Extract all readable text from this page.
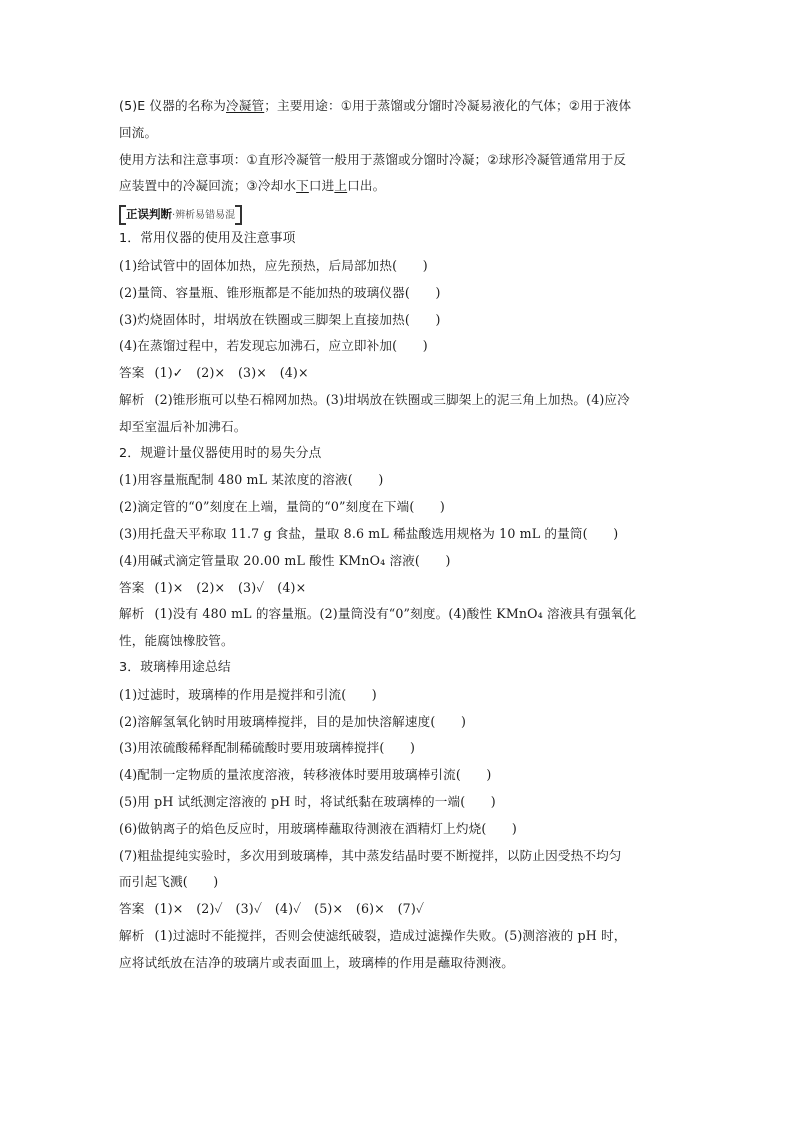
(5)E 仪器的名称为冷凝管；主要用途：①用于蒸馏或分馏时冷凝易液化的气体；②用于液体
回流。
使用方法和注意事项：①直形冷凝管一般用于蒸馏或分馏时冷凝；②球形冷凝管通常用于反
应装置中的冷凝回流；③冷却水下口进上口出。
正误判断·辨析易错易混
1．常用仪器的使用及注意事项
(1)给试管中的固体加热，应先预热，后局部加热(　　)
(2)量筒、容量瓶、锥形瓶都是不能加热的玻璃仪器(　　)
(3)灼烧固体时，坩埚放在铁圈或三脚架上直接加热(　　)
(4)在蒸馏过程中，若发现忘加沸石，应立即补加(　　)
答案 (1)✓　(2)×　(3)×　(4)×
解析 (2)锥形瓶可以垫石棉网加热。(3)坩埚放在铁圈或三脚架上的泥三角上加热。(4)应冷
却至室温后补加沸石。
2．规避计量仪器使用时的易失分点
(1)用容量瓶配制 480 mL 某浓度的溶液(　　)
(2)滴定管的“0”刻度在上端，量筒的“0”刻度在下端(　　)
(3)用托盘天平称取 11.7 g 食盐，量取 8.6 mL 稀盐酸选用规格为 10 mL 的量筒(　　)
(4)用碱式滴定管量取 20.00 mL 酸性 KMnO₄ 溶液(　　)
答案 (1)×　(2)×　(3)✓　(4)×
解析 (1)没有 480 mL 的容量瓶。(2)量筒没有“0”刻度。(4)酸性 KMnO₄ 溶液具有强氧化
性，能腐蚀橡胶管。
3．玻璃棒用途总结
(1)过滤时，玻璃棒的作用是搅拌和引流(　　)
(2)溶解氢氧化钠时用玻璃棒搅拌，目的是加快溶解速度(　　)
(3)用浓硫酸稀释配制稀硫酸时要用玻璃棒搅拌(　　)
(4)配制一定物质的量浓度溶液，转移液体时要用玻璃棒引流(　　)
(5)用 pH 试纸测定溶液的 pH 时，将试纸黏在玻璃棒的一端(　　)
(6)做钠离子的焰色反应时，用玻璃棒蘸取待测液在酒精灯上灼烧(　　)
(7)粗盐提纯实验时，多次用到玻璃棒，其中蒸发结晶时要不断搅拌，以防止因受热不均匀
而引起飞溅(　　)
答案 (1)×　(2)✓　(3)✓　(4)✓　(5)×　(6)×　(7)✓
解析 (1)过滤时不能搅拌，否则会使滤纸破裂，造成过滤操作失败。(5)测溶液的 pH 时，
应将试纸放在洁净的玻璃片或表面皿上，玻璃棒的作用是蘸取待测液。
